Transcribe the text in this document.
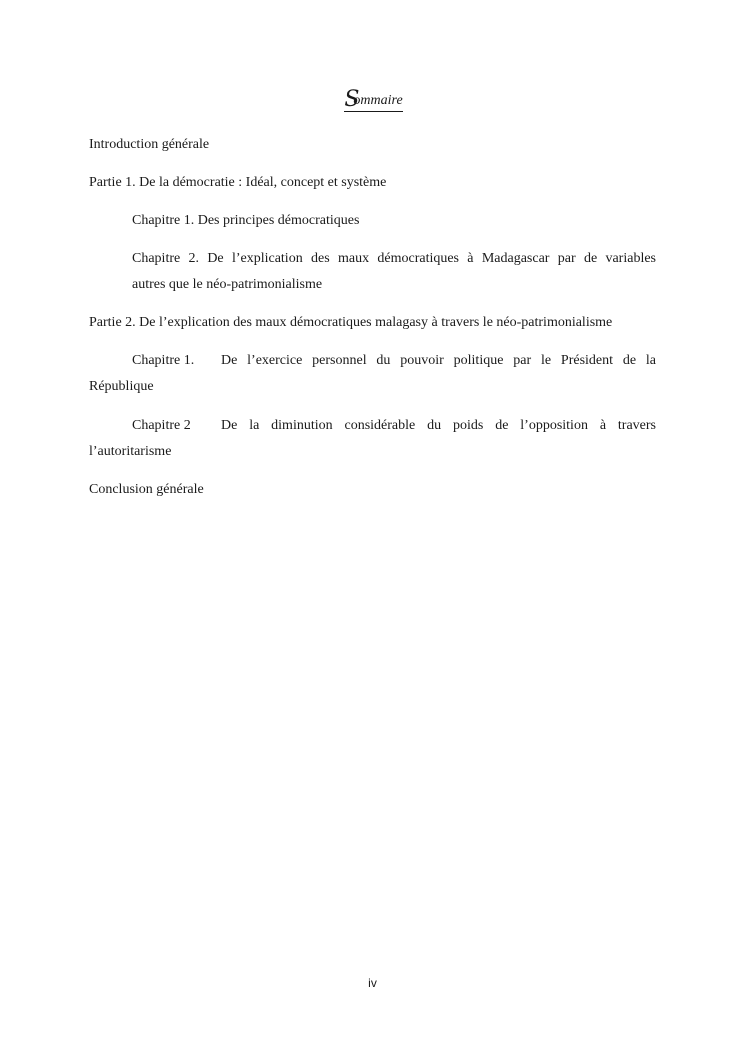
Sommaire
Introduction générale
Partie 1. De la démocratie : Idéal, concept et système
Chapitre 1. Des principes démocratiques
Chapitre 2. De l’explication des maux démocratiques à Madagascar par de variables
autres que le néo-patrimonialisme
Partie 2. De l’explication des maux démocratiques malagasy à travers le néo-patrimonialisme
Chapitre 1. De l’exercice personnel du pouvoir politique par le Président de la
République
Chapitre 2 De la diminution considérable du poids de l’opposition à travers
l’autoritarisme
Conclusion générale
iv
